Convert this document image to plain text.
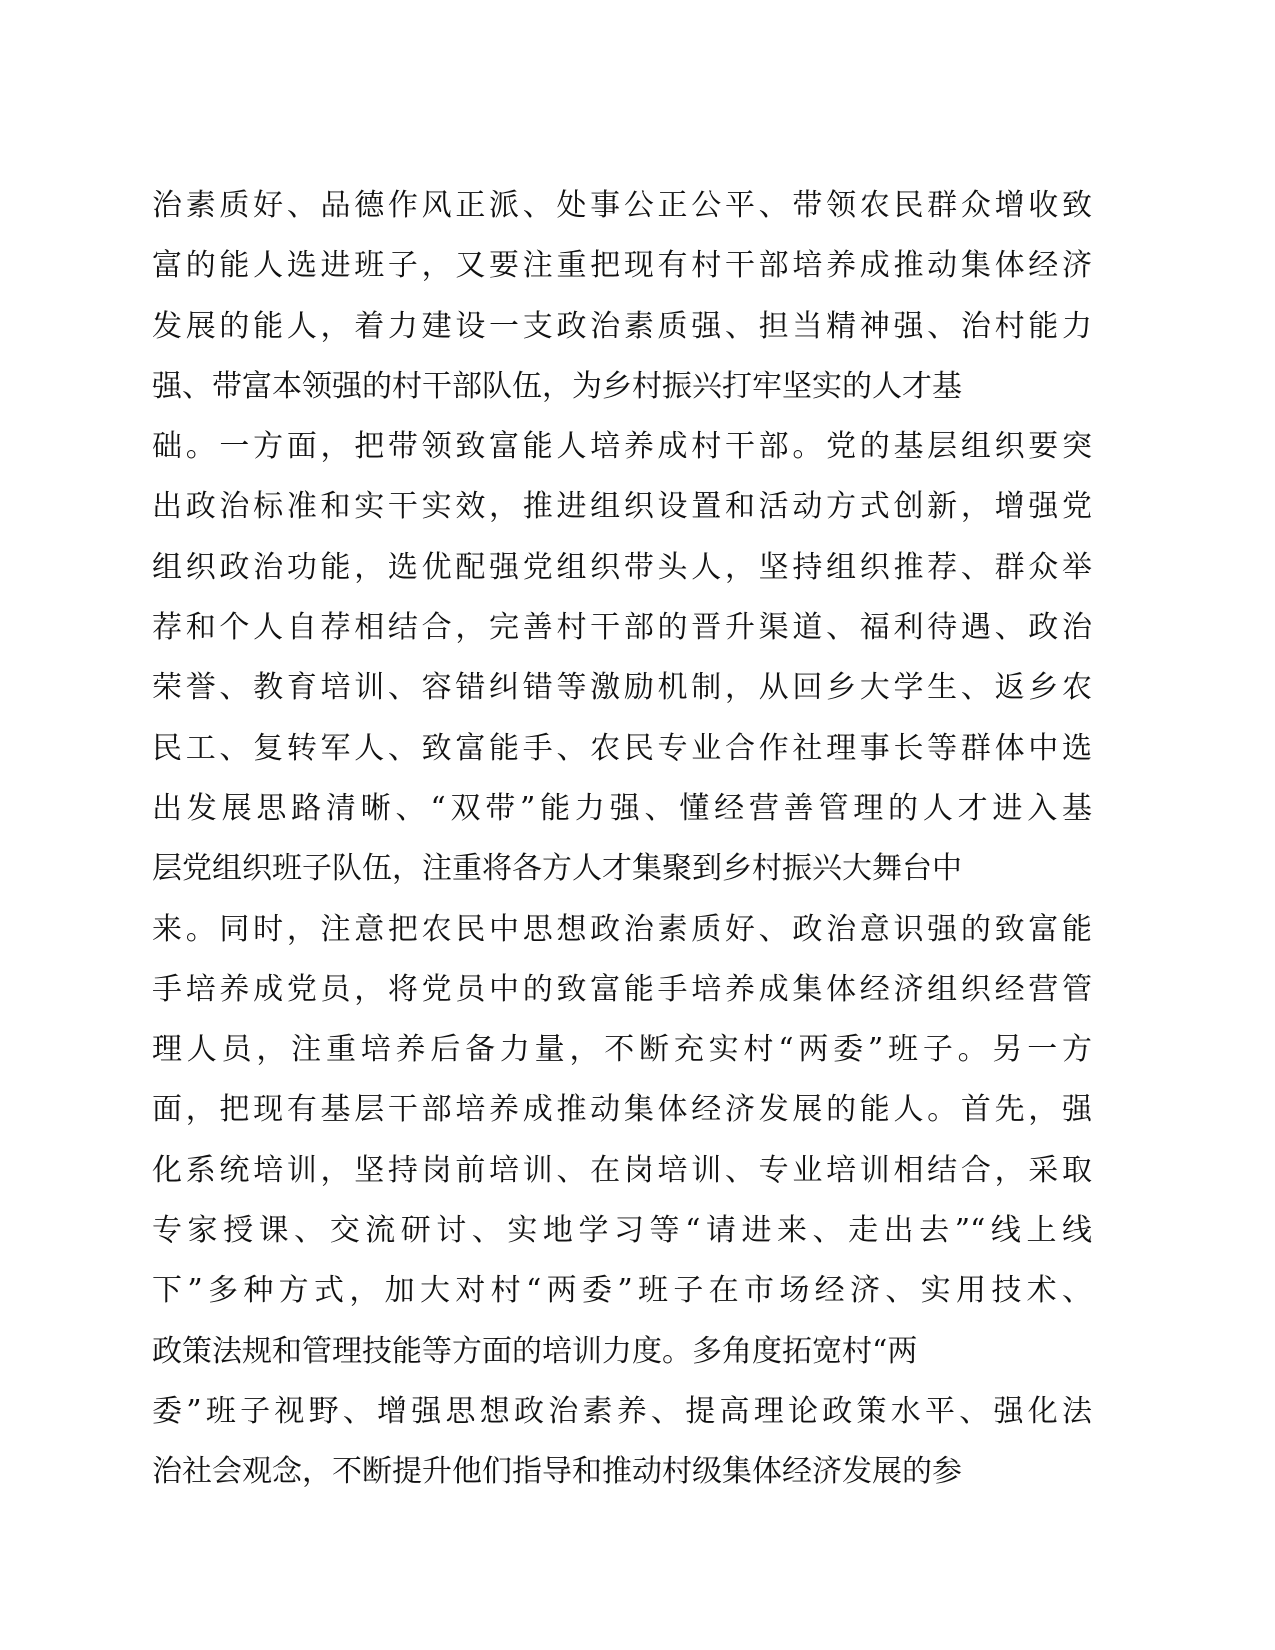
治素质好、品德作风正派、处事公正公平、带领农民群众增收致
富的能人选进班子，又要注重把现有村干部培养成推动集体经济
发展的能人，着力建设一支政治素质强、担当精神强、治村能力
强、带富本领强的村干部队伍，为乡村振兴打牢坚实的人才基
础。一方面，把带领致富能人培养成村干部。党的基层组织要突
出政治标准和实干实效，推进组织设置和活动方式创新，增强党
组织政治功能，选优配强党组织带头人，坚持组织推荐、群众举
荐和个人自荐相结合，完善村干部的晋升渠道、福利待遇、政治
荣誉、教育培训、容错纠错等激励机制，从回乡大学生、返乡农
民工、复转军人、致富能手、农民专业合作社理事长等群体中选
出发展思路清晰、“双带”能力强、懂经营善管理的人才进入基
层党组织班子队伍，注重将各方人才集聚到乡村振兴大舞台中
来。同时，注意把农民中思想政治素质好、政治意识强的致富能
手培养成党员，将党员中的致富能手培养成集体经济组织经营管
理人员，注重培养后备力量，不断充实村“两委”班子。另一方
面，把现有基层干部培养成推动集体经济发展的能人。首先，强
化系统培训，坚持岗前培训、在岗培训、专业培训相结合，采取
专家授课、交流研讨、实地学习等“请进来、走出去”“线上线
下”多种方式，加大对村“两委”班子在市场经济、实用技术、
政策法规和管理技能等方面的培训力度。多角度拓宽村“两
委”班子视野、增强思想政治素养、提高理论政策水平、强化法
治社会观念，不断提升他们指导和推动村级集体经济发展的参
